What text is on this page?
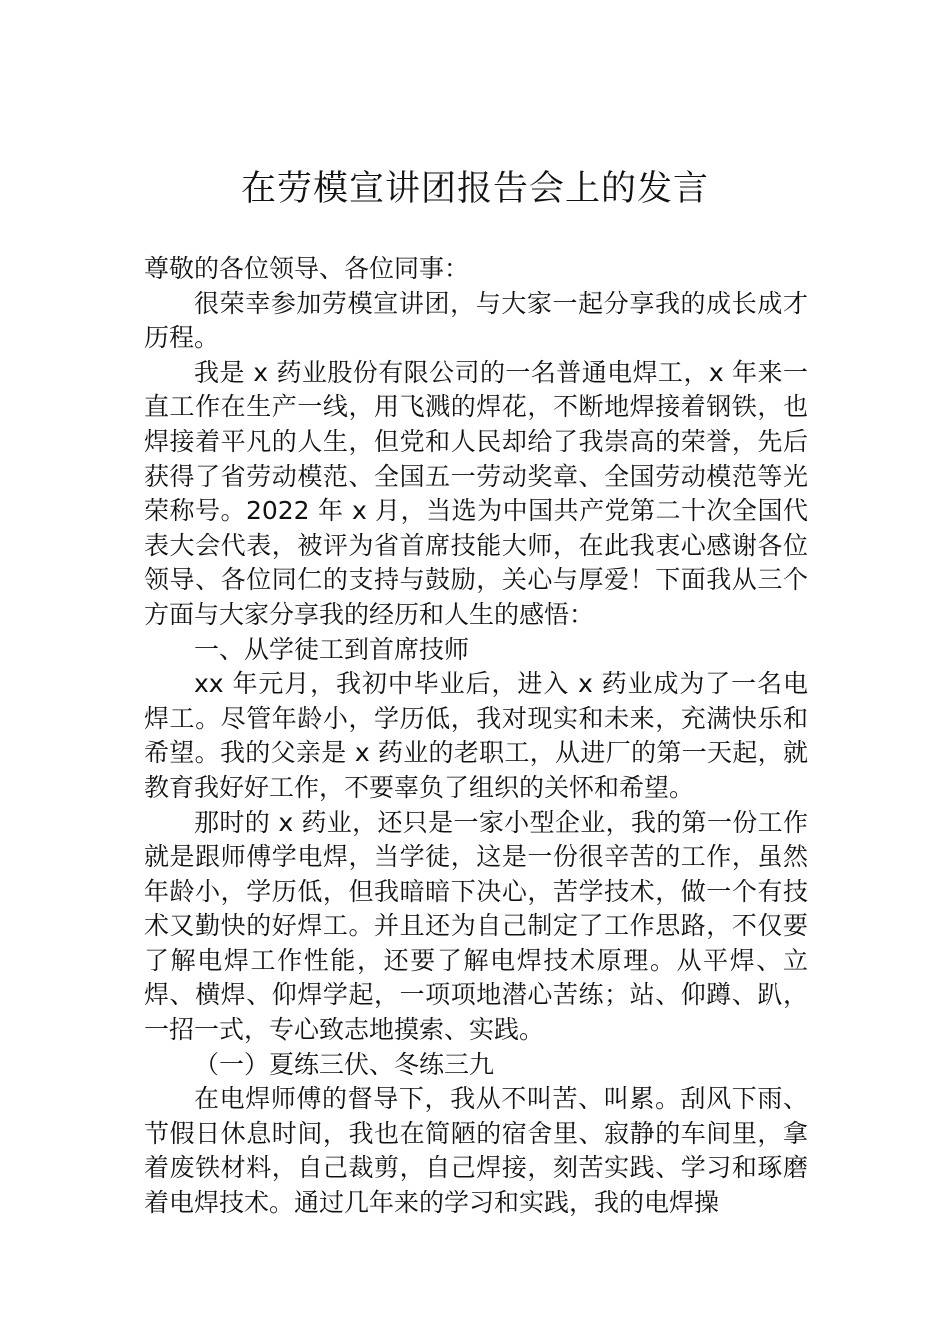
在劳模宣讲团报告会上的发言

尊敬的各位领导、各位同事：

很荣幸参加劳模宣讲团，与大家一起分享我的成长成才历程。

我是 x 药业股份有限公司的一名普通电焊工，x 年来一直工作在生产一线，用飞溅的焊花，不断地焊接着钢铁，也焊接着平凡的人生，但党和人民却给了我崇高的荣誉，先后获得了省劳动模范、全国五一劳动奖章、全国劳动模范等光荣称号。2022 年 x 月，当选为中国共产党第二十次全国代表大会代表，被评为省首席技能大师，在此我衷心感谢各位领导、各位同仁的支持与鼓励，关心与厚爱！下面我从三个方面与大家分享我的经历和人生的感悟：

一、从学徒工到首席技师

xx 年元月，我初中毕业后，进入 x 药业成为了一名电焊工。尽管年龄小，学历低，我对现实和未来，充满快乐和希望。我的父亲是 x 药业的老职工，从进厂的第一天起，就教育我好好工作，不要辜负了组织的关怀和希望。

那时的 x 药业，还只是一家小型企业，我的第一份工作就是跟师傅学电焊，当学徒，这是一份很辛苦的工作，虽然年龄小，学历低，但我暗暗下决心，苦学技术，做一个有技术又勤快的好焊工。并且还为自己制定了工作思路，不仅要了解电焊工作性能，还要了解电焊技术原理。从平焊、立焊、横焊、仰焊学起，一项项地潜心苦练；站、仰蹲、趴，一招一式，专心致志地摸索、实践。

（一）夏练三伏、冬练三九

在电焊师傅的督导下，我从不叫苦、叫累。刮风下雨、节假日休息时间，我也在简陋的宿舍里、寂静的车间里，拿着废铁材料，自己裁剪，自己焊接，刻苦实践、学习和琢磨着电焊技术。通过几年来的学习和实践，我的电焊操
